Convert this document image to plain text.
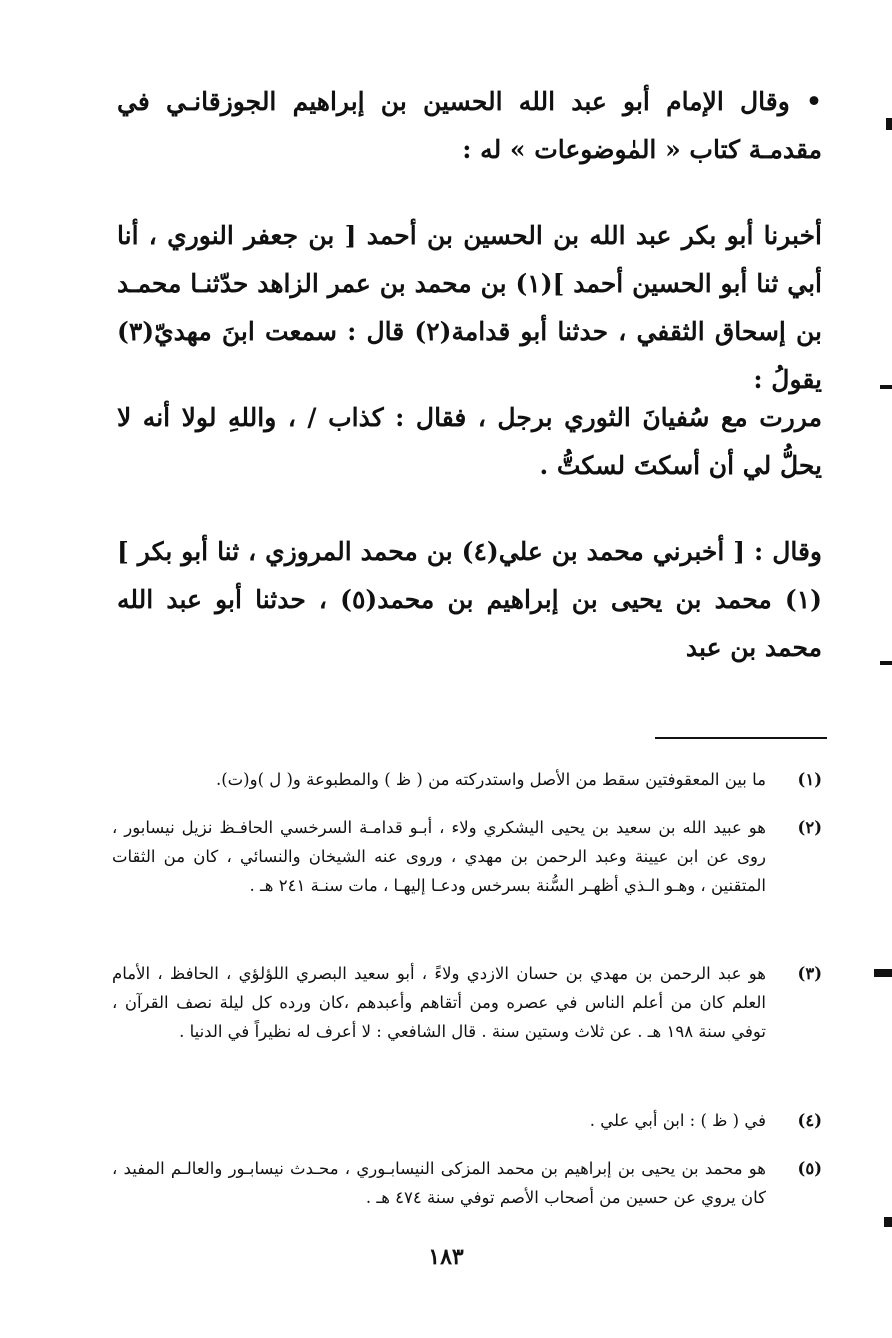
• وقال الإمام أبو عبد الله الحسين بن إبراهيم الجوزقانـي في مقدمـة كتاب « المٰوضوعات » له :

أخبرنا أبو بكر عبد الله بن الحسين بن أحمد [ بن جعفر النوري ، أنا أبي ثنا أبو الحسين أحمد ](١) بن محمد بن عمر الزاهد حدّثنـا محمـد بن إسحاق الثقفي ، حدثنا أبو قدامة(٢) قال : سمعت ابنَ مهديّ(٣) يقولُ :

مررت مع سُفيانَ الثوري برجل ، فقال : كذاب / ، واللهِ لولا أنه لا يحلُّ لي أن أسكتَ لسكتُّ .

وقال : [ أخبرني محمد بن علي(٤) بن محمد المروزي ، ثنا أبو بكر ](١) محمد بن يحيى بن إبراهيم بن محمد(٥) ، حدثنا أبو عبد الله محمد بن عبد

(١)
ما بين المعقوفتين سقط من الأصل واستدركته من ( ظ ) والمطبوعة و( ل )و(ت).
(٢)
هو عبيد الله بن سعيد بن يحيى اليشكري ولاء ، أبـو قدامـة السرخسي الحافـظ نزيل نيسابور ، روى عن ابن عيينة وعبد الرحمن بن مهدي ، وروى عنه الشيخان والنسائي ، كان من الثقات المتقنين ، وهـو الـذي أظهـر السُّنة بسرخس ودعـا إليهـا ، مات سنـة ٢٤١ هـ .
(٣)
هو عبد الرحمن بن مهدي بن حسان الازدي ولاءً ، أبو سعيد البصري اللؤلؤي ، الحافظ ، الأمام العلم كان من أعلم الناس في عصره ومن أتقاهم وأعبدهم ،كان ورده كل ليلة نصف القرآن ، توفي سنة ١٩٨ هـ . عن ثلاث وستين سنة . قال الشافعي : لا أعرف له نظيراً في الدنيا .
(٤)
في ( ظ ) : ابن أبي علي .
(٥)
هو محمد بن يحيى بن إبراهيم بن محمد المزكى النيسابـوري ، محـدث نيسابـور والعالـم المفيد ، كان يروي عن حسين من أصحاب الأصم توفي سنة ٤٧٤ هـ .
١٨٣
